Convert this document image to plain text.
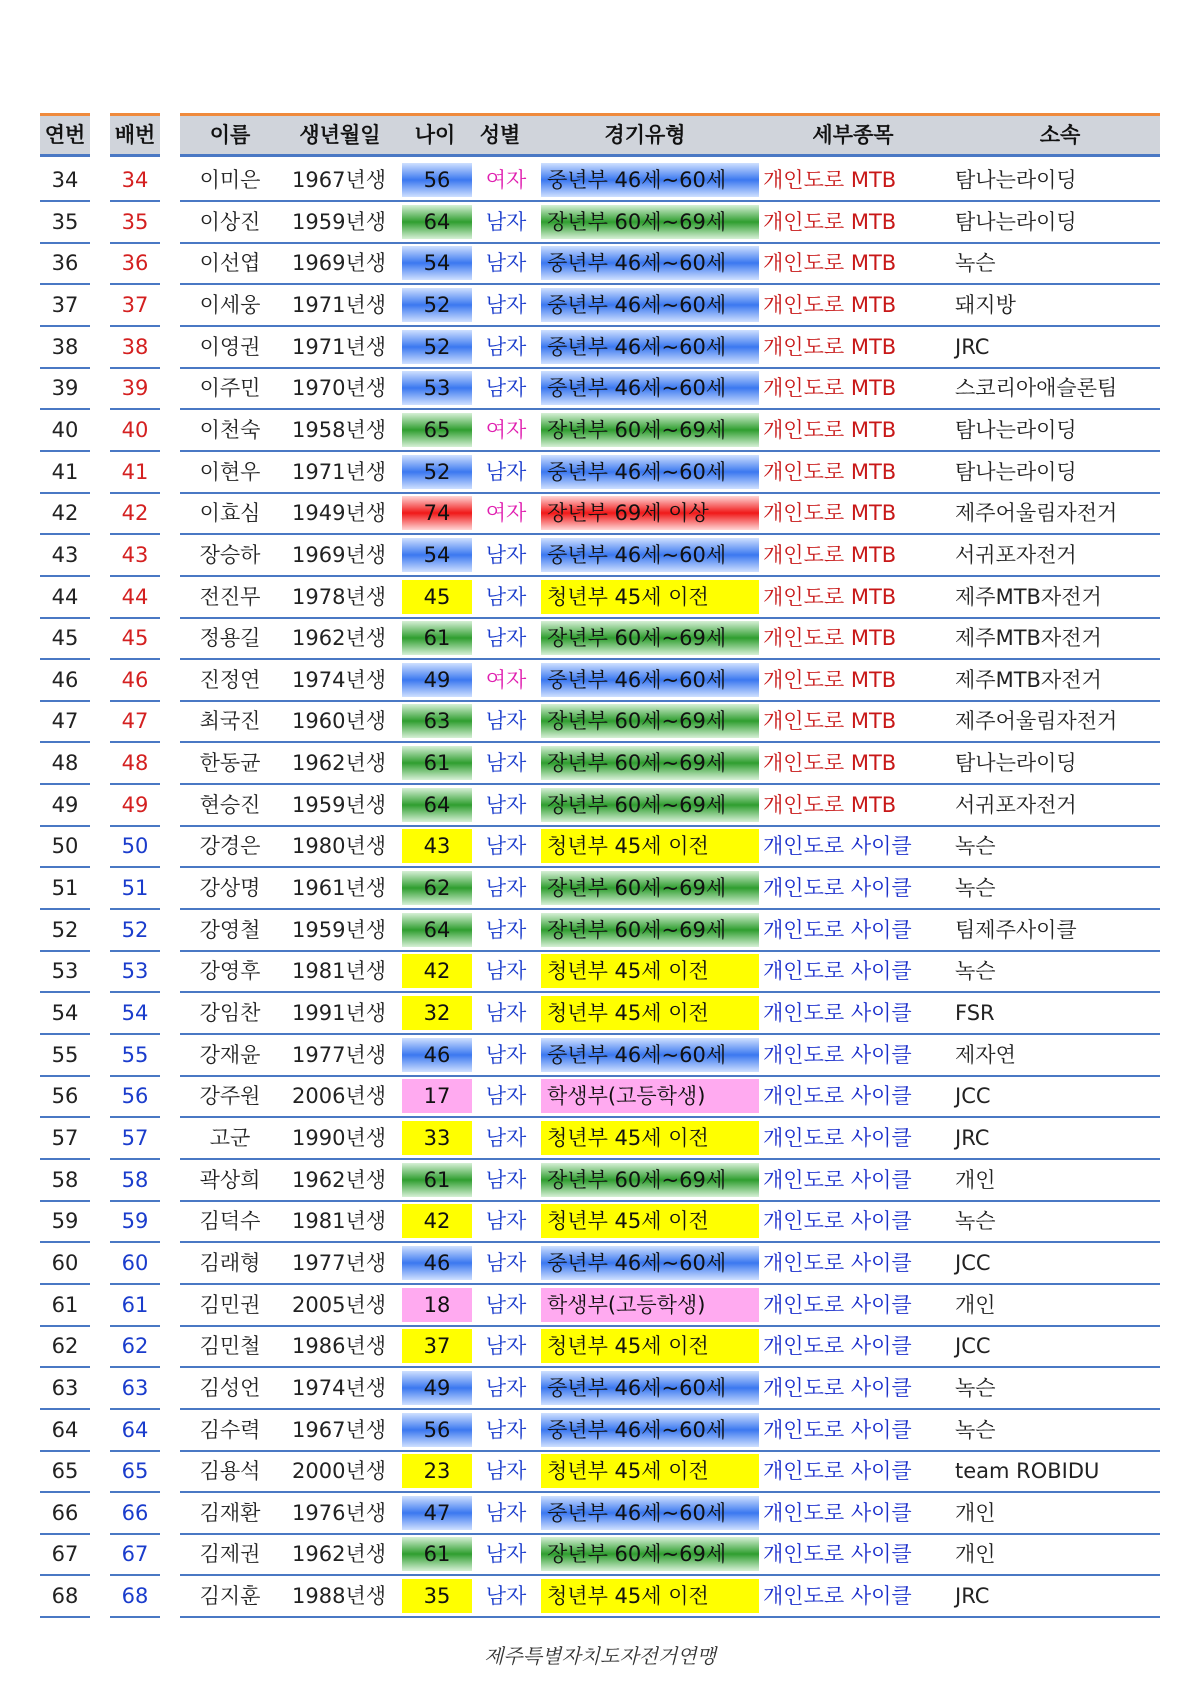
연번 배번	이름	생년월일	나이	성별	경기유형	세부종목	소속
34	34	이미은	1967년생	56	여자 중년부 46세~60세	개인도로 MTB	탐나는라이딩
35	35	이상진	1959년생	64	남자 장년부 60세~69세	개인도로 MTB	탐나는라이딩
36	36	이선엽	1969년생	54	남자 중년부 46세~60세	개인도로 MTB	녹슨
37	37	이세웅	1971년생	52	남자 중년부 46세~60세	개인도로 MTB	돼지방
38	38	이영권	1971년생	52	남자 중년부 46세~60세	개인도로 MTB	JRC
39	39	이주민	1970년생	53	남자 중년부 46세~60세	개인도로 MTB	스코리아애슬론팀
40	40	이천숙	1958년생	65	여자 장년부 60세~69세	개인도로 MTB	탐나는라이딩
41	41	이현우	1971년생	52	남자 중년부 46세~60세	개인도로 MTB	탐나는라이딩
42	42	이효심	1949년생	74	여자 장년부 69세 이상	개인도로 MTB	제주어울림자전거
43	43	장승하	1969년생	54	남자 중년부 46세~60세	개인도로 MTB	서귀포자전거
44	44	전진무	1978년생	45	남자 청년부 45세 이전	개인도로 MTB	제주MTB자전거
45	45	정용길	1962년생	61	남자 장년부 60세~69세	개인도로 MTB	제주MTB자전거
46	46	진정연	1974년생	49	여자 중년부 46세~60세	개인도로 MTB	제주MTB자전거
47	47	최국진	1960년생	63	남자 장년부 60세~69세	개인도로 MTB	제주어울림자전거
48	48	한동균	1962년생	61	남자 장년부 60세~69세	개인도로 MTB	탐나는라이딩
49	49	현승진	1959년생	64	남자 장년부 60세~69세	개인도로 MTB	서귀포자전거
50	50	강경은	1980년생	43	남자 청년부 45세 이전	개인도로 사이클	녹슨
51	51	강상명	1961년생	62	남자 장년부 60세~69세	개인도로 사이클	녹슨
52	52	강영철	1959년생	64	남자 장년부 60세~69세	개인도로 사이클	팀제주사이클
53	53	강영후	1981년생	42	남자 청년부 45세 이전	개인도로 사이클	녹슨
54	54	강임찬	1991년생	32	남자 청년부 45세 이전	개인도로 사이클	FSR
55	55	강재윤	1977년생	46	남자 중년부 46세~60세	개인도로 사이클	제자연
56	56	강주원	2006년생	17	남자 학생부(고등학생)	개인도로 사이클	JCC
57	57	고군	1990년생	33	남자 청년부 45세 이전	개인도로 사이클	JRC
58	58	곽상희	1962년생	61	남자 장년부 60세~69세	개인도로 사이클	개인
59	59	김덕수	1981년생	42	남자 청년부 45세 이전	개인도로 사이클	녹슨
60	60	김래형	1977년생	46	남자 중년부 46세~60세	개인도로 사이클	JCC
61	61	김민권	2005년생	18	남자 학생부(고등학생)	개인도로 사이클	개인
62	62	김민철	1986년생	37	남자 청년부 45세 이전	개인도로 사이클	JCC
63	63	김성언	1974년생	49	남자 중년부 46세~60세	개인도로 사이클	녹슨
64	64	김수력	1967년생	56	남자 중년부 46세~60세	개인도로 사이클	녹슨
65	65	김용석	2000년생	23	남자 청년부 45세 이전	개인도로 사이클	team ROBIDU
66	66	김재환	1976년생	47	남자 중년부 46세~60세	개인도로 사이클	개인
67	67	김제권	1962년생	61	남자 장년부 60세~69세	개인도로 사이클	개인
68	68	김지훈	1988년생	35	남자 청년부 45세 이전	개인도로 사이클	JRC
제주특별자치도자전거연맹
